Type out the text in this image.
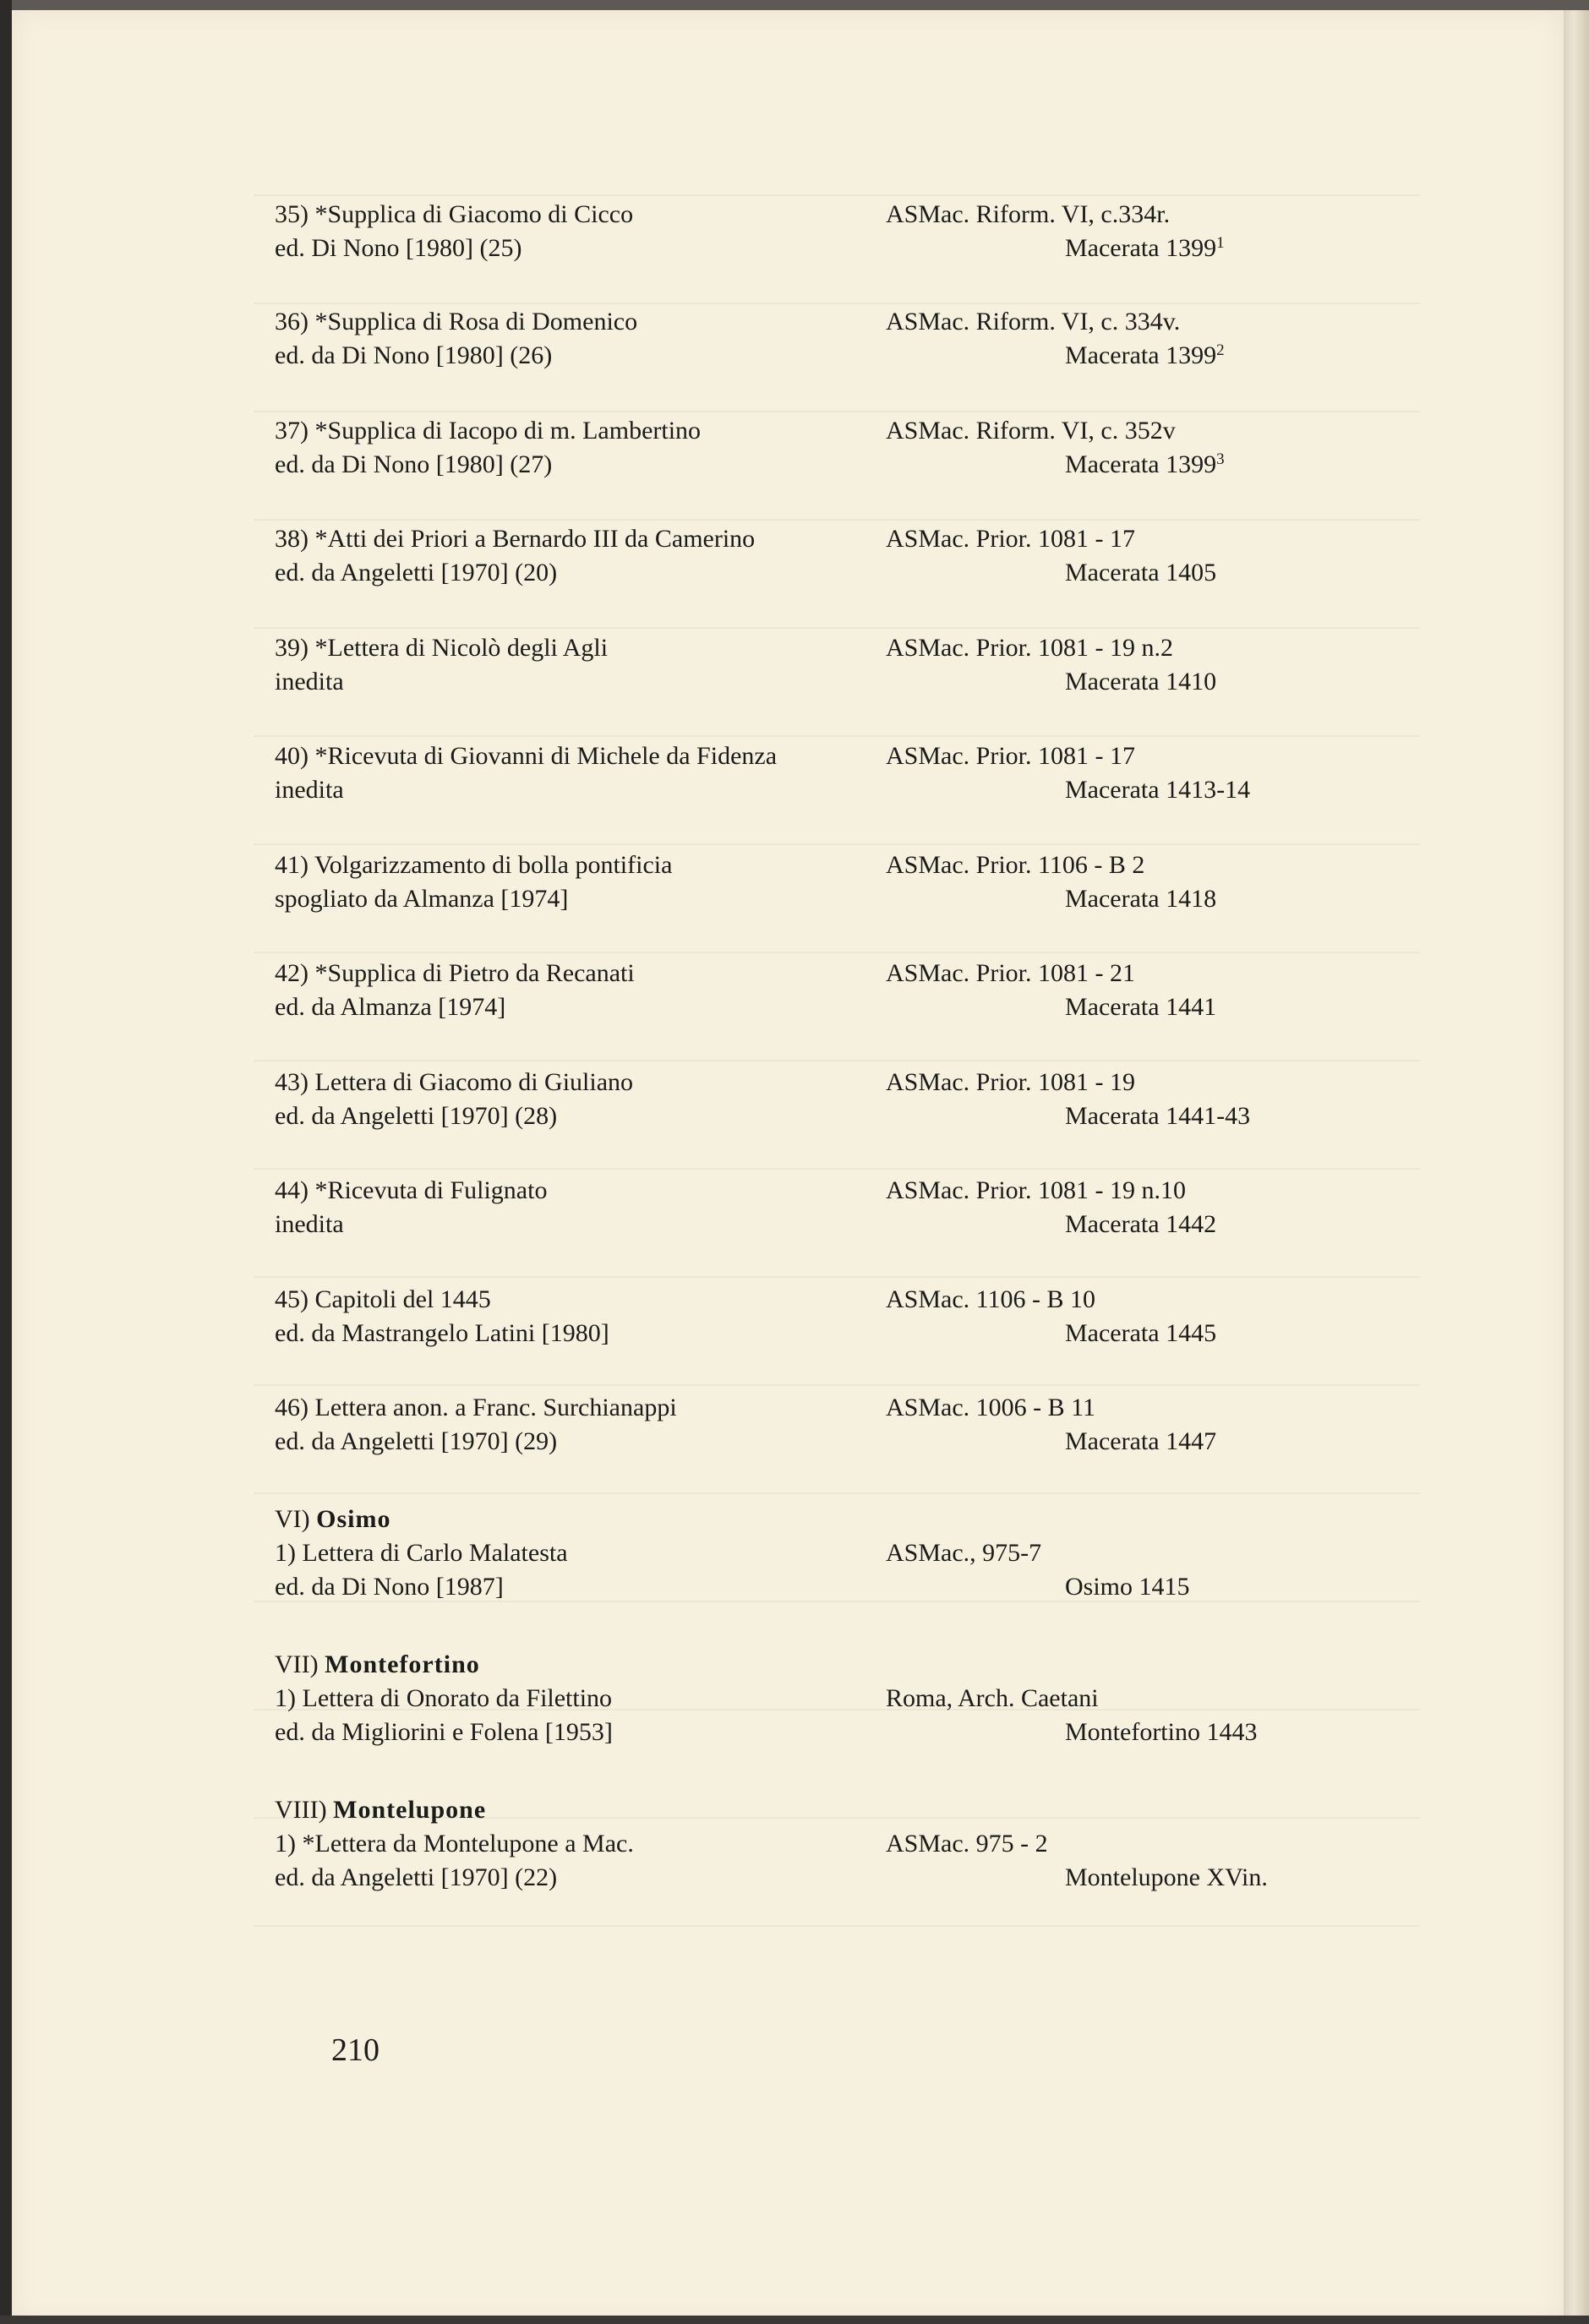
35) *Supplica di Giacomo di Cicco
ed. Di Nono [1980] (25)
ASMac. Riform. VI, c.334r.
Macerata 1399$^1$
36) *Supplica di Rosa di Domenico
ed. da Di Nono [1980] (26)
ASMac. Riform. VI, c. 334v.
Macerata 1399$^2$
37) *Supplica di Iacopo di m. Lambertino
ed. da Di Nono [1980] (27)
ASMac. Riform. VI, c. 352v
Macerata 1399$^3$
38) *Atti dei Priori a Bernardo III da Camerino
ed. da Angeletti [1970] (20)
ASMac. Prior. 1081 - 17
Macerata 1405
39) *Lettera di Nicolò degli Agli
inedita
ASMac. Prior. 1081 - 19 n.2
Macerata 1410
40) *Ricevuta di Giovanni di Michele da Fidenza
inedita
ASMac. Prior. 1081 - 17
Macerata 1413-14
41) Volgarizzamento di bolla pontificia
spogliato da Almanza [1974]
ASMac. Prior. 1106 - B 2
Macerata 1418
42) *Supplica di Pietro da Recanati
ed. da Almanza [1974]
ASMac. Prior. 1081 - 21
Macerata 1441
43) Lettera di Giacomo di Giuliano
ed. da Angeletti [1970] (28)
ASMac. Prior. 1081 - 19
Macerata 1441-43
44) *Ricevuta di Fulignato
inedita
ASMac. Prior. 1081 - 19 n.10
Macerata 1442
45) Capitoli del 1445
ed. da Mastrangelo Latini [1980]
ASMac. 1106 - B 10
Macerata 1445
46) Lettera anon. a Franc. Surchianappi
ed. da Angeletti [1970] (29)
ASMac. 1006 - B 11
Macerata 1447
VI) Osimo
1) Lettera di Carlo Malatesta
ed. da Di Nono [1987]
ASMac., 975-7
Osimo 1415
VII) Montefortino
1) Lettera di Onorato da Filettino
ed. da Migliorini e Folena [1953]
Roma, Arch. Caetani
Montefortino 1443
VIII) Montelupone
1) *Lettera da Montelupone a Mac.
ed. da Angeletti [1970] (22)
ASMac. 975 - 2
Montelupone XVin.
210
